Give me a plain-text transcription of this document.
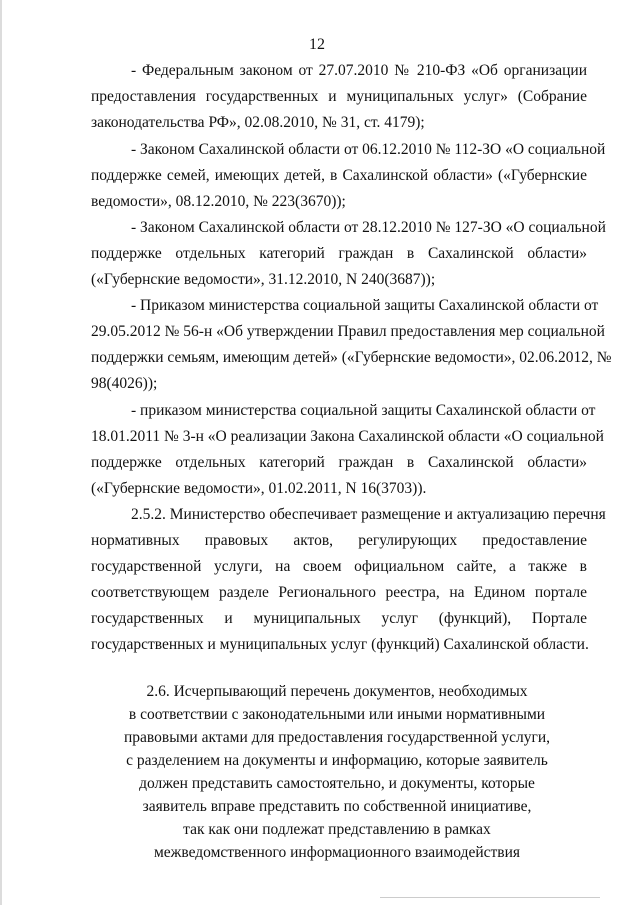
12
- Федеральным законом от 27.07.2010 № 210-ФЗ «Об организации
предоставления государственных и муниципальных услуг» (Собрание
законодательства РФ», 02.08.2010, № 31, ст. 4179);
- Законом Сахалинской области от 06.12.2010 № 112-ЗО «О социальной
поддержке семей, имеющих детей, в Сахалинской области» («Губернские
ведомости», 08.12.2010, № 223(3670));
- Законом Сахалинской области от 28.12.2010 № 127-ЗО «О социальной
поддержке отдельных категорий граждан в Сахалинской области»
(«Губернские ведомости», 31.12.2010, N 240(3687));
- Приказом министерства социальной защиты Сахалинской области от
29.05.2012 № 56-н «Об утверждении Правил предоставления мер социальной
поддержки семьям, имеющим детей» («Губернские ведомости», 02.06.2012, №
98(4026));
- приказом министерства социальной защиты Сахалинской области от
18.01.2011 № 3-н «О реализации Закона Сахалинской области «О социальной
поддержке отдельных категорий граждан в Сахалинской области»
(«Губернские ведомости», 01.02.2011, N 16(3703)).
2.5.2. Министерство обеспечивает размещение и актуализацию перечня
нормативных правовых актов, регулирующих предоставление
государственной услуги, на своем официальном сайте, а также в
соответствующем разделе Регионального реестра, на Едином портале
государственных и муниципальных услуг (функций), Портале
государственных и муниципальных услуг (функций) Сахалинской области.
2.6. Исчерпывающий перечень документов, необходимых
в соответствии с законодательными или иными нормативными
правовыми актами для предоставления государственной услуги,
с разделением на документы и информацию, которые заявитель
должен представить самостоятельно, и документы, которые
заявитель вправе представить по собственной инициативе,
так как они подлежат представлению в рамках
межведомственного информационного взаимодействия
